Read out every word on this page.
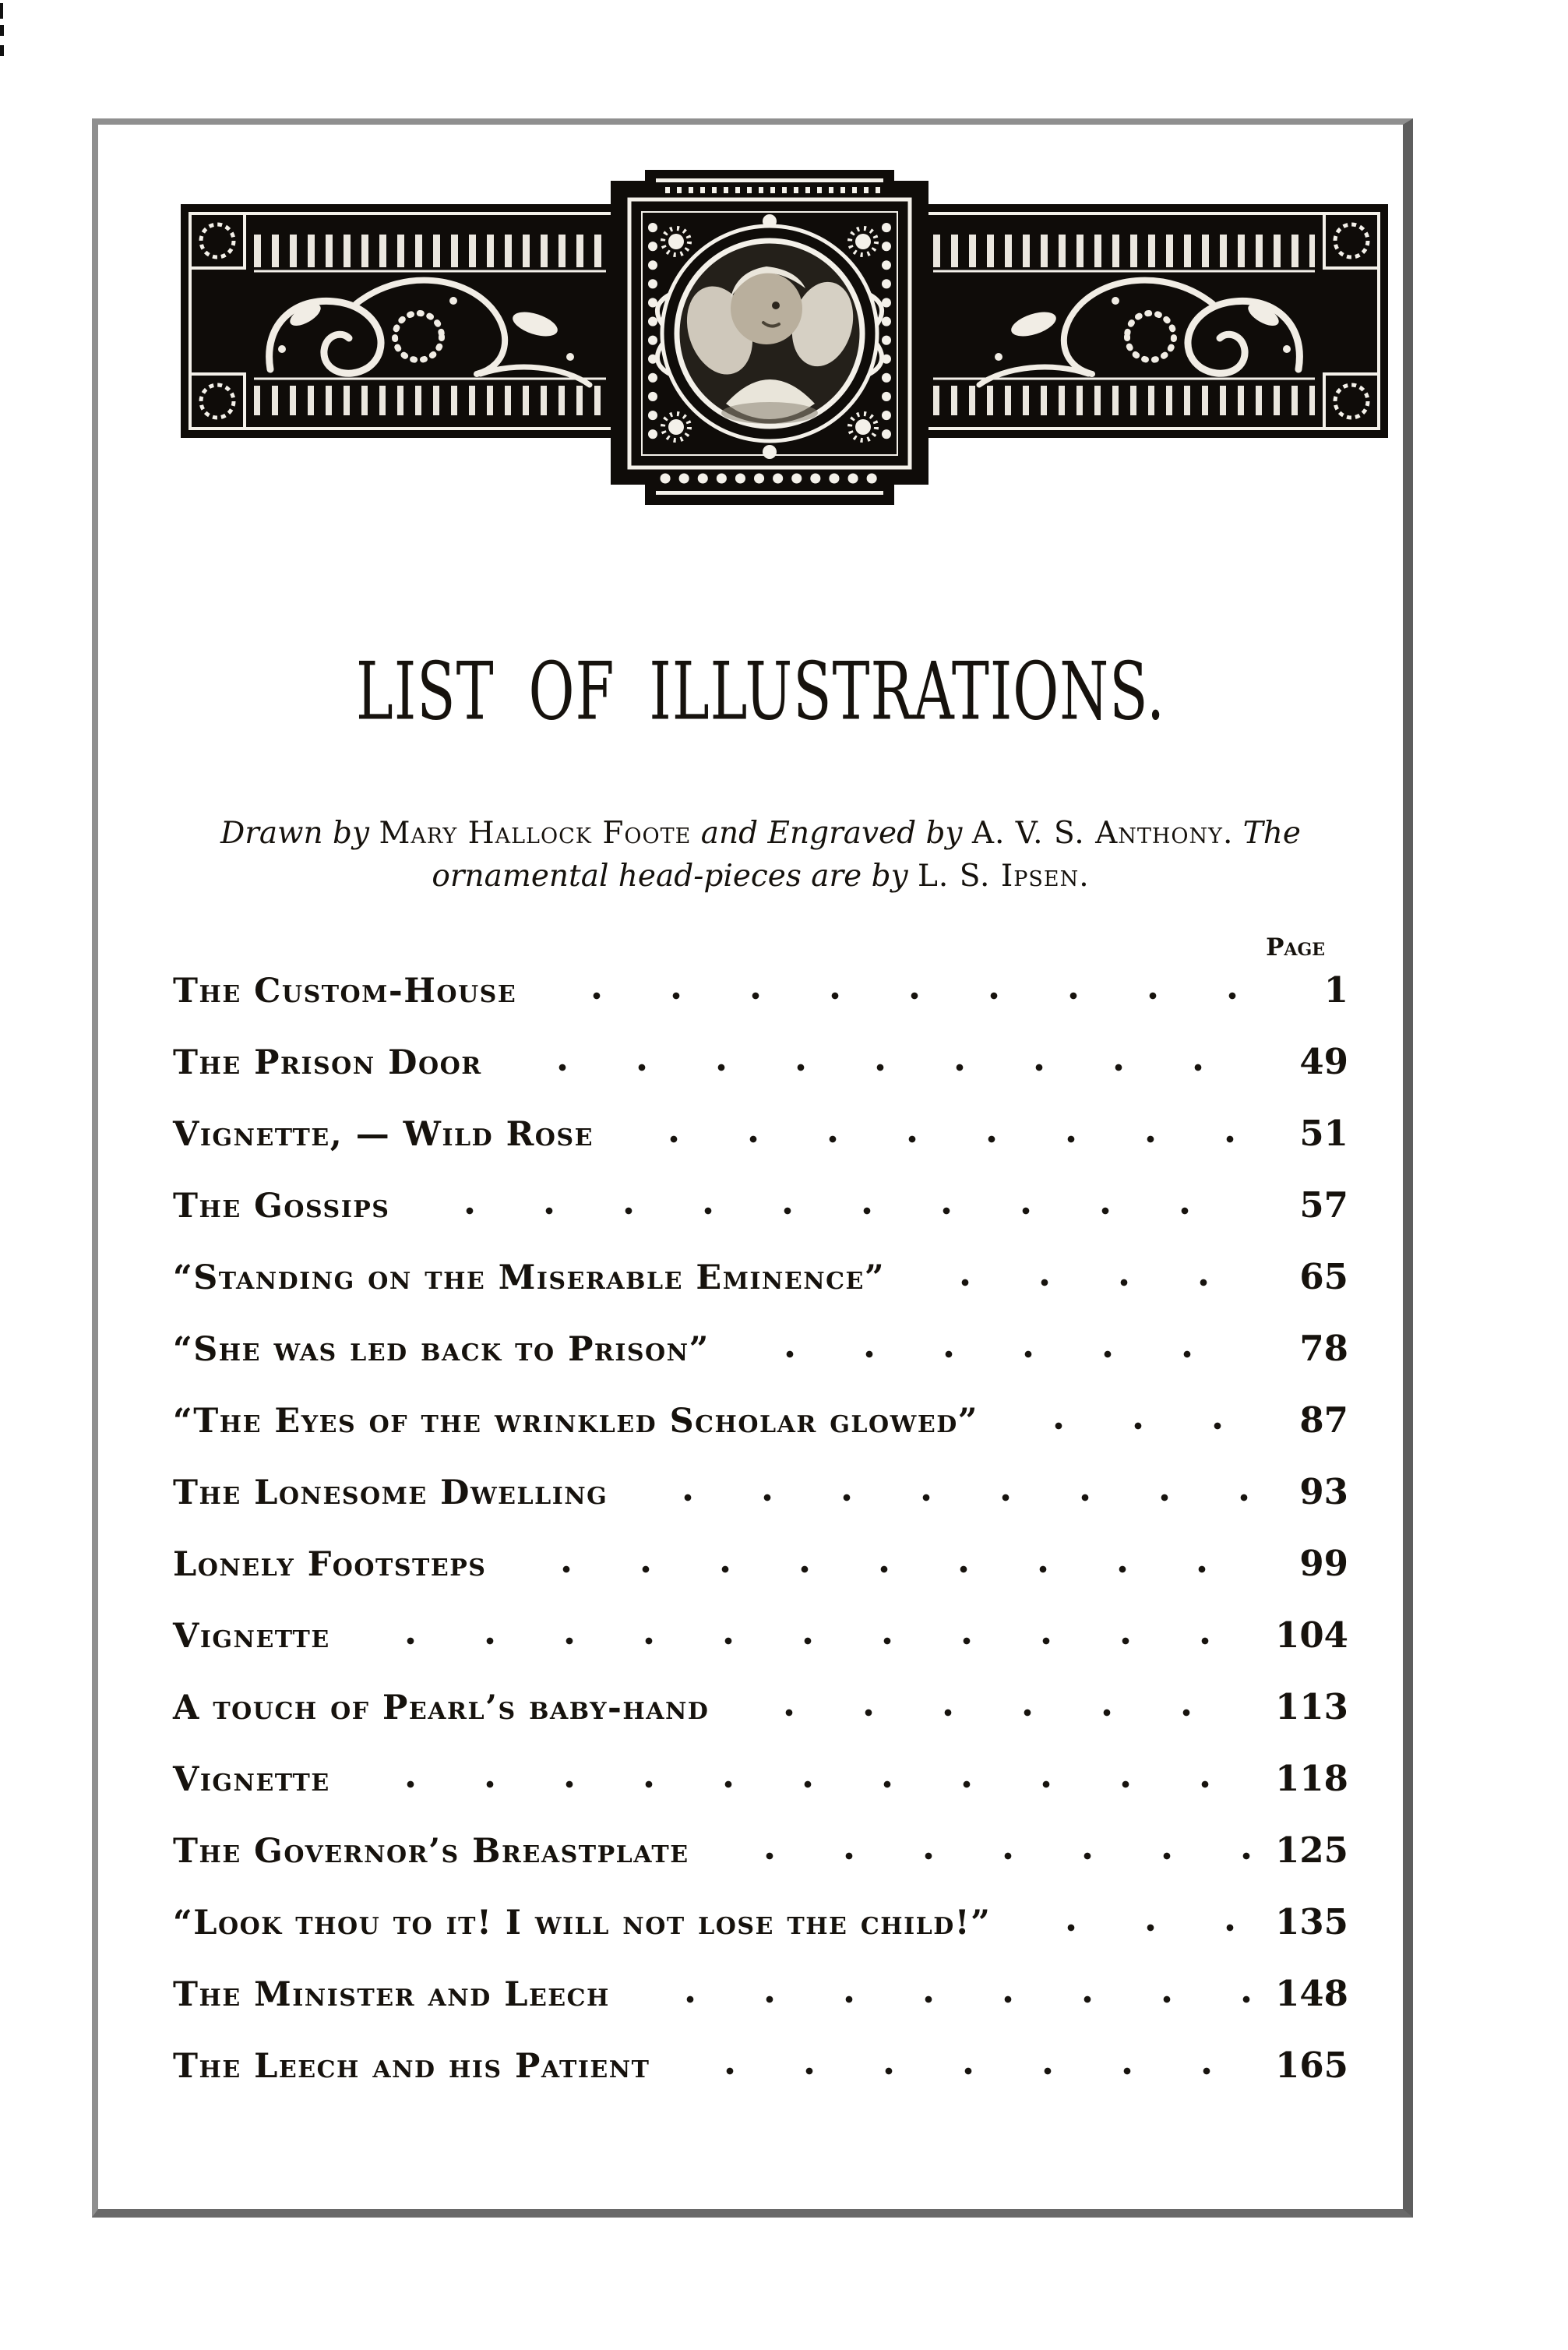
LIST OF ILLUSTRATIONS.
Drawn by Mary Hallock Foote and Engraved by A. V. S. Anthony. The
ornamental head-pieces are by L. S. Ipsen.
Page
The Custom-House	1
The Prison Door	49
Vignette, — Wild Rose	51
The Gossips	57
“Standing on the Miserable Eminence”	65
“She was led back to Prison”	78
“The Eyes of the wrinkled Scholar glowed”	87
The Lonesome Dwelling	93
Lonely Footsteps	99
Vignette	104
A touch of Pearl’s baby-hand	113
Vignette	118
The Governor’s Breastplate	125
“Look thou to it! I will not lose the child!”	135
The Minister and Leech	148
The Leech and his Patient	165
